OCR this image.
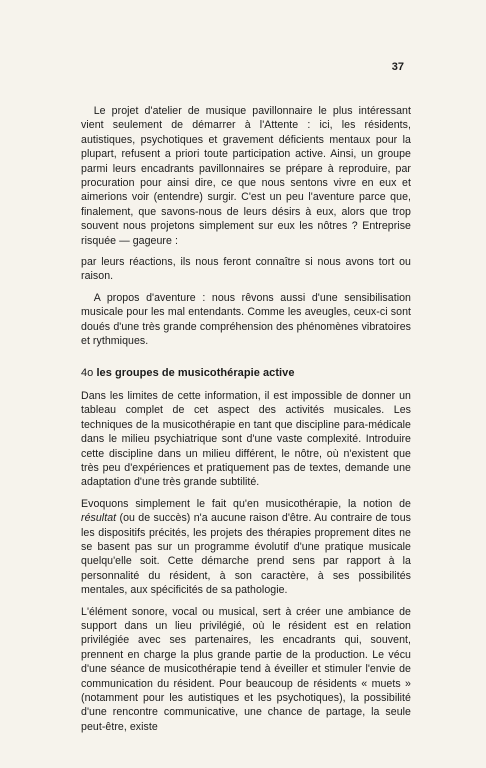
37

Le projet d'atelier de musique pavillonnaire le plus intéressant vient seulement de démarrer à l'Attente : ici, les résidents, autistiques, psychotiques et gravement déficients mentaux pour la plupart, refusent a priori toute participation active. Ainsi, un groupe parmi leurs encadrants pavillonnaires se prépare à reproduire, par procuration pour ainsi dire, ce que nous sentons vivre en eux et aimerions voir (entendre) surgir. C'est un peu l'aventure parce que, finalement, que savons-nous de leurs désirs à eux, alors que trop souvent nous projetons simplement sur eux les nôtres ? Entreprise risquée — gageure :

par leurs réactions, ils nous feront connaître si nous avons tort ou raison.

A propos d'aventure : nous rêvons aussi d'une sensibilisation musicale pour les mal entendants. Comme les aveugles, ceux-ci sont doués d'une très grande compréhension des phénomènes vibratoires et rythmiques.

4o les groupes de musicothérapie active

Dans les limites de cette information, il est impossible de donner un tableau complet de cet aspect des activités musicales. Les techniques de la musicothérapie en tant que discipline para-médicale dans le milieu psychiatrique sont d'une vaste complexité. Introduire cette discipline dans un milieu différent, le nôtre, où n'existent que très peu d'expériences et pratiquement pas de textes, demande une adaptation d'une très grande subtilité.

Evoquons simplement le fait qu'en musicothérapie, la notion de résultat (ou de succès) n'a aucune raison d'être. Au contraire de tous les dispositifs précités, les projets des thérapies proprement dites ne se basent pas sur un programme évolutif d'une pratique musicale quelqu'elle soit. Cette démarche prend sens par rapport à la personnalité du résident, à son caractère, à ses possibilités mentales, aux spécificités de sa pathologie.

L'élément sonore, vocal ou musical, sert à créer une ambiance de support dans un lieu privilégié, où le résident est en relation privilégiée avec ses partenaires, les encadrants qui, souvent, prennent en charge la plus grande partie de la production. Le vécu d'une séance de musicothérapie tend à éveiller et stimuler l'envie de communication du résident. Pour beaucoup de résidents « muets » (notamment pour les autistiques et les psychotiques), la possibilité d'une rencontre communicative, une chance de partage, la seule peut-être, existe
